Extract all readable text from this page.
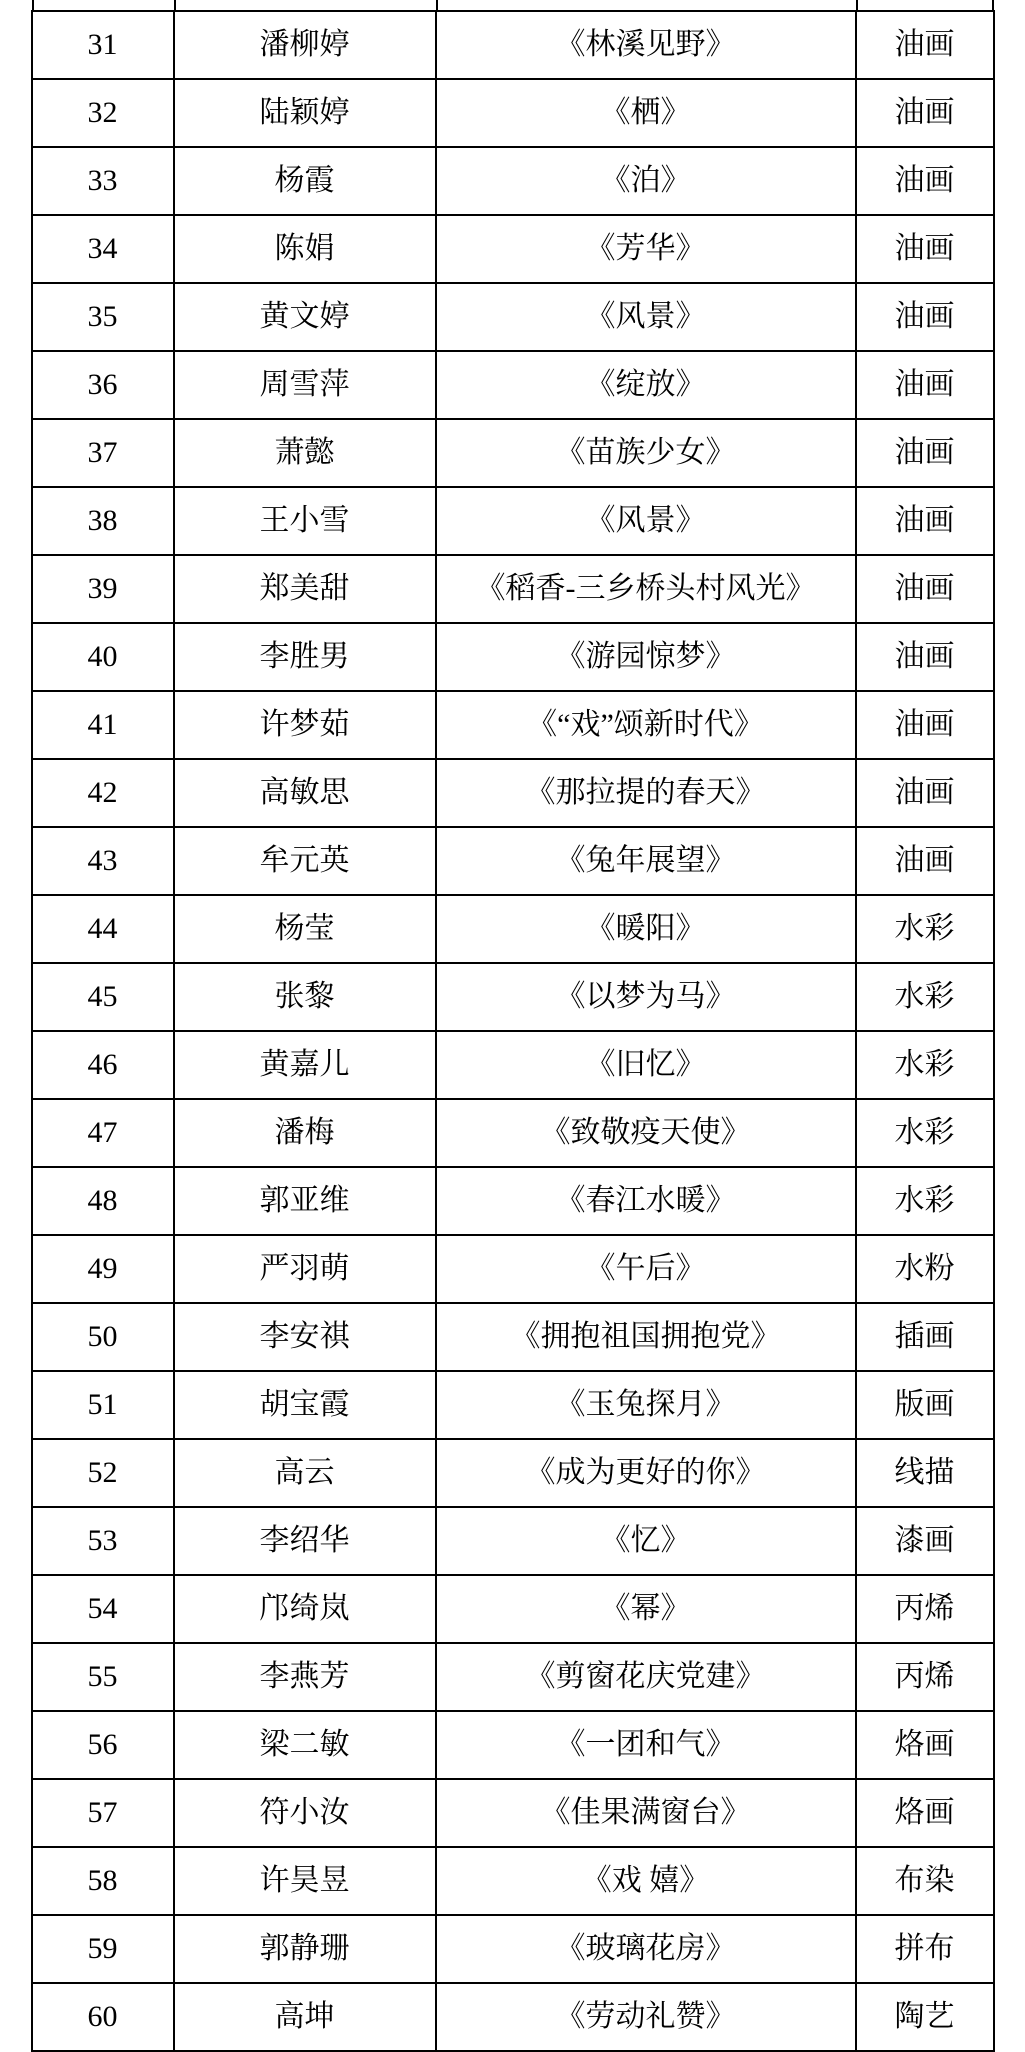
31	潘柳婷	《林溪见野》	油画
32	陆颖婷	《栖》	油画
33	杨霞	《泊》	油画
34	陈娟	《芳华》	油画
35	黄文婷	《风景》	油画
36	周雪萍	《绽放》	油画
37	萧懿	《苗族少女》	油画
38	王小雪	《风景》	油画
39	郑美甜	《稻香-三乡桥头村风光》	油画
40	李胜男	《游园惊梦》	油画
41	许梦茹	《“戏”颂新时代》	油画
42	高敏思	《那拉提的春天》	油画
43	牟元英	《兔年展望》	油画
44	杨莹	《暖阳》	水彩
45	张黎	《以梦为马》	水彩
46	黄嘉儿	《旧忆》	水彩
47	潘梅	《致敬疫天使》	水彩
48	郭亚维	《春江水暖》	水彩
49	严羽萌	《午后》	水粉
50	李安祺	《拥抱祖国拥抱党》	插画
51	胡宝霞	《玉兔探月》	版画
52	高云	《成为更好的你》	线描
53	李绍华	《忆》	漆画
54	邝绮岚	《幂》	丙烯
55	李燕芳	《剪窗花庆党建》	丙烯
56	梁二敏	《一团和气》	烙画
57	符小汝	《佳果满窗台》	烙画
58	许昊昱	《戏 嬉》	布染
59	郭静珊	《玻璃花房》	拼布
60	高坤	《劳动礼赞》	陶艺
